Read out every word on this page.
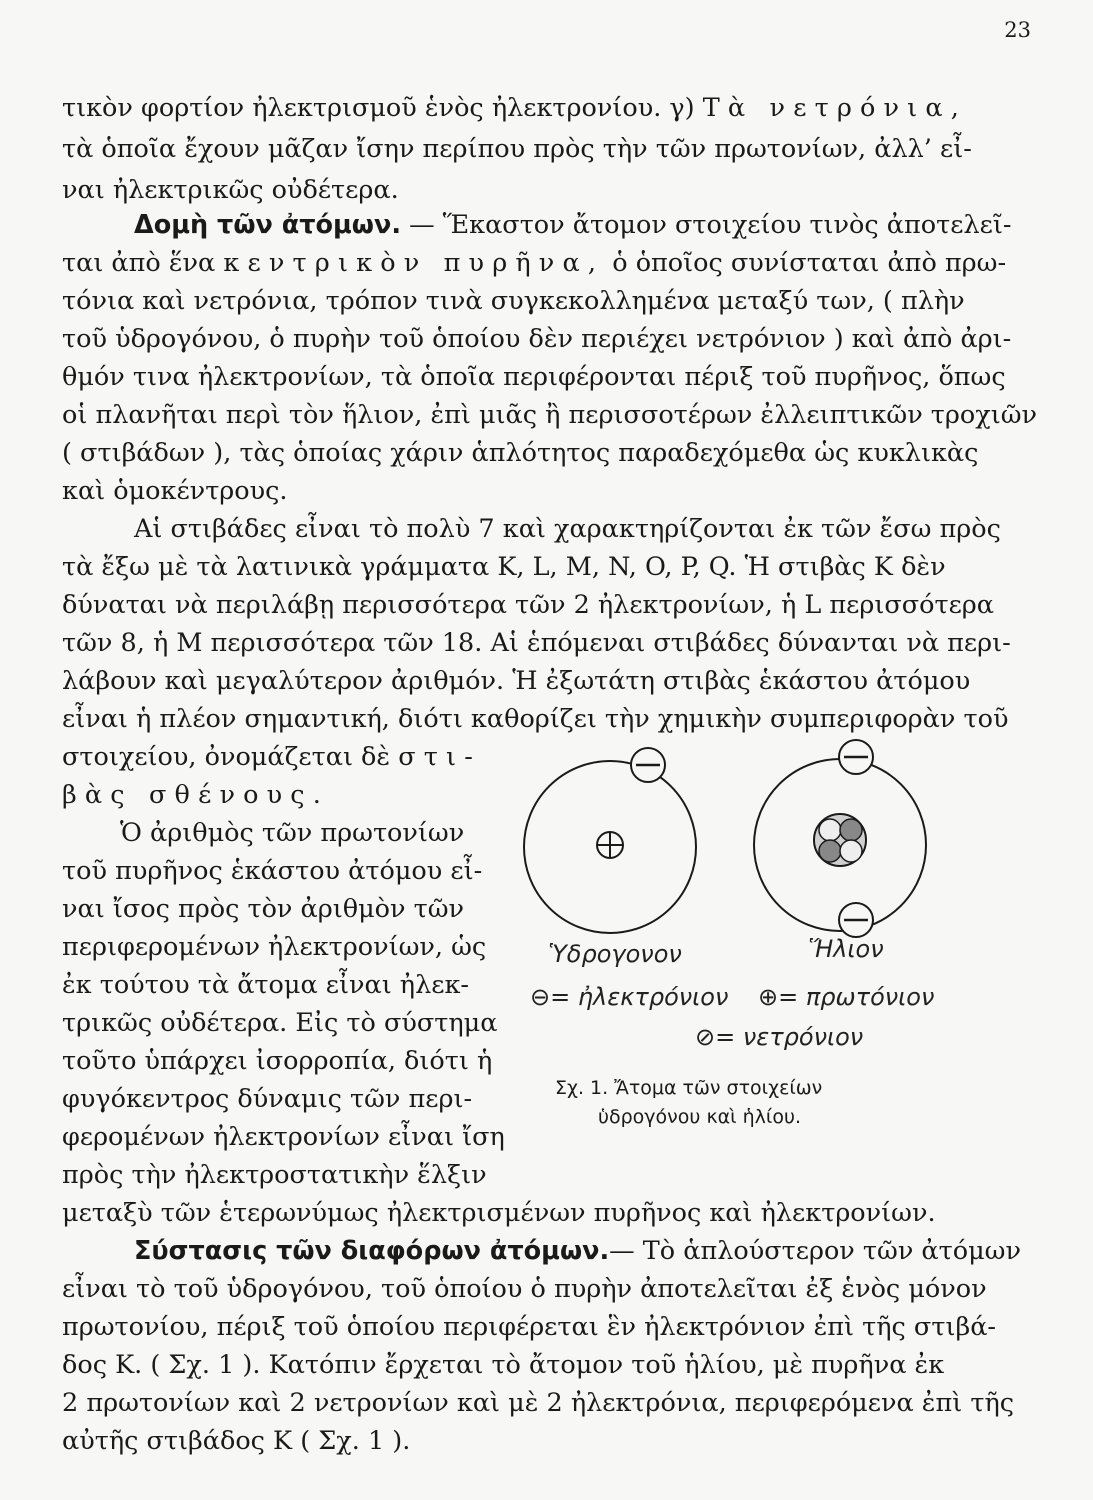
23
τικὸν φορτίον ἠλεκτρισμοῦ ἑνὸς ἠλεκτρονίου. γ) Τὰ νετρόνια,
τὰ ὁποῖα ἔχουν μᾶζαν ἴσην περίπου πρὸς τὴν τῶν πρωτονίων, ἀλλ’ εἶ-
ναι ἠλεκτρικῶς οὐδέτερα.
Δομὴ τῶν ἀτόμων. — Ἕκαστον ἄτομον στοιχείου τινὸς ἀποτελεῖ-
ται ἀπὸ ἕνα κεντρικὸν πυρῆνα, ὁ ὁποῖος συνίσταται ἀπὸ πρω-
τόνια καὶ νετρόνια, τρόπον τινὰ συγκεκολλημένα μεταξύ των, ( πλὴν
τοῦ ὑδρογόνου, ὁ πυρὴν τοῦ ὁποίου δὲν περιέχει νετρόνιον ) καὶ ἀπὸ ἀρι-
θμόν τινα ἠλεκτρονίων, τὰ ὁποῖα περιφέρονται πέριξ τοῦ πυρῆνος, ὅπως
οἱ πλανῆται περὶ τὸν ἥλιον, ἐπὶ μιᾶς ἢ περισσοτέρων ἐλλειπτικῶν τροχιῶν
( στιβάδων ), τὰς ὁποίας χάριν ἁπλότητος παραδεχόμεθα ὡς κυκλικὰς
καὶ ὁμοκέντρους.
Αἱ στιβάδες εἶναι τὸ πολὺ 7 καὶ χαρακτηρίζονται ἐκ τῶν ἔσω πρὸς
τὰ ἔξω μὲ τὰ λατινικὰ γράμματα K, L, M, N, O, P, Q. Ἡ στιβὰς K δὲν
δύναται νὰ περιλάβῃ περισσότερα τῶν 2 ἠλεκτρονίων, ἡ L περισσότερα
τῶν 8, ἡ M περισσότερα τῶν 18. Αἱ ἑπόμεναι στιβάδες δύνανται νὰ περι-
λάβουν καὶ μεγαλύτερον ἀριθμόν. Ἡ ἐξωτάτη στιβὰς ἑκάστου ἀτόμου
εἶναι ἡ πλέον σημαντική, διότι καθορίζει τὴν χημικὴν συμπεριφορὰν τοῦ
στοιχείου, ὀνομάζεται δὲ στι-
βὰς σθένους.
Ὁ ἀριθμὸς τῶν πρωτονίων
τοῦ πυρῆνος ἑκάστου ἀτόμου εἶ-
ναι ἴσος πρὸς τὸν ἀριθμὸν τῶν
περιφερομένων ἠλεκτρονίων, ὡς
ἐκ τούτου τὰ ἄτομα εἶναι ἠλεκ-
τρικῶς οὐδέτερα. Εἰς τὸ σύστημα
τοῦτο ὑπάρχει ἰσορροπία, διότι ἡ
φυγόκεντρος δύναμις τῶν περι-
φερομένων ἠλεκτρονίων εἶναι ἴση
πρὸς τὴν ἠλεκτροστατικὴν ἕλξιν
μεταξὺ τῶν ἑτερωνύμως ἠλεκτρισμένων πυρῆνος καὶ ἠλεκτρονίων.
Σύστασις τῶν διαφόρων ἀτόμων.— Τὸ ἁπλούστερον τῶν ἀτόμων
εἶναι τὸ τοῦ ὑδρογόνου, τοῦ ὁποίου ὁ πυρὴν ἀποτελεῖται ἐξ ἑνὸς μόνον
πρωτονίου, πέριξ τοῦ ὁποίου περιφέρεται ἓν ἠλεκτρόνιον ἐπὶ τῆς στιβά-
δος K. ( Σχ. 1 ). Κατόπιν ἔρχεται τὸ ἄτομον τοῦ ἡλίου, μὲ πυρῆνα ἐκ
2 πρωτονίων καὶ 2 νετρονίων καὶ μὲ 2 ἠλεκτρόνια, περιφερόμενα ἐπὶ τῆς
αὐτῆς στιβάδος K ( Σχ. 1 ).
Ὑδρογονον	Ἥλιον
⊖= ἠλεκτρόνιον ⊕= πρωτόνιον
⊘= νετρόνιον
Σχ. 1. Ἄτομα τῶν στοιχείων
ὑδρογόνου καὶ ἡλίου.
